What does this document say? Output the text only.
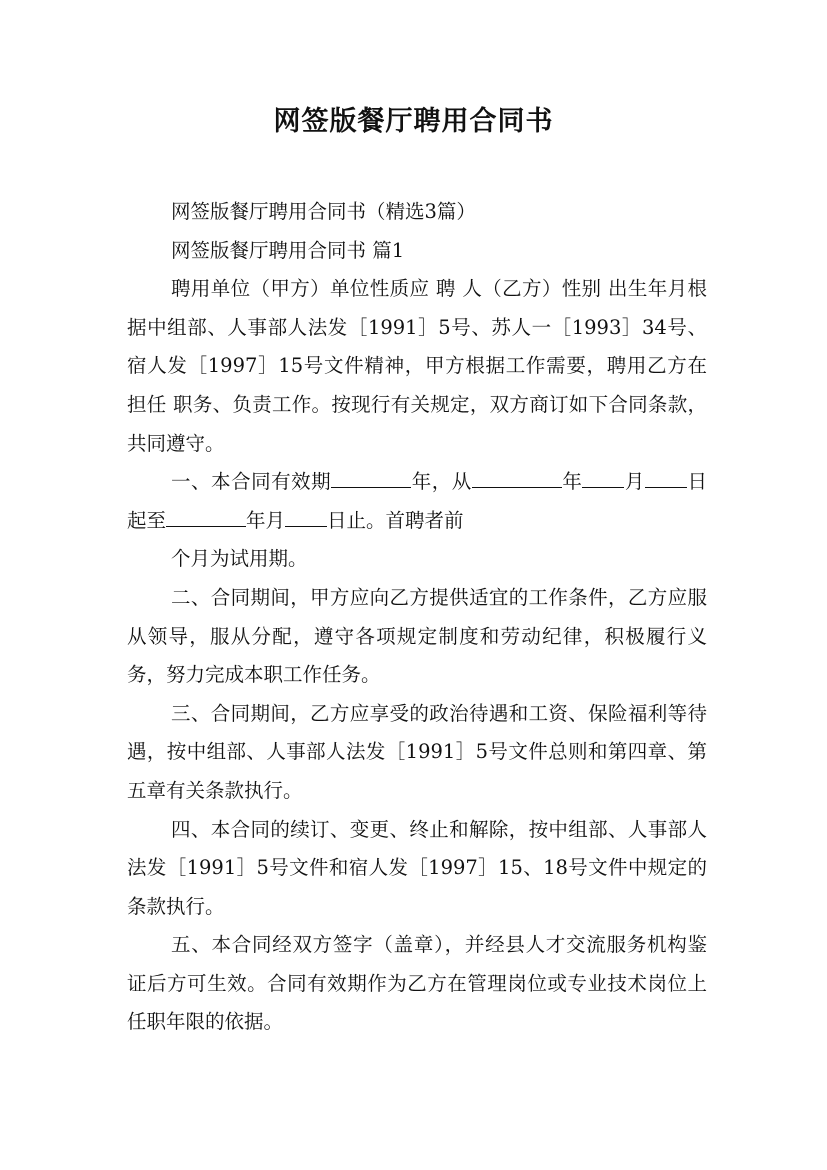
网签版餐厅聘用合同书

网签版餐厅聘用合同书（精选3篇）

网签版餐厅聘用合同书 篇1

聘用单位（甲方）单位性质应 聘 人（乙方）性别 出生年月根据中组部、人事部人法发［1991］5号、苏人一［1993］34号、宿人发［1997］15号文件精神，甲方根据工作需要，聘用乙方在 担任 职务、负责工作。按现行有关规定，双方商订如下合同条款，共同遵守。

一、本合同有效期	年，从	年 月 日起至	年月 日止。首聘者前

个月为试用期。

二、合同期间，甲方应向乙方提供适宜的工作条件，乙方应服从领导，服从分配，遵守各项规定制度和劳动纪律，积极履行义务，努力完成本职工作任务。

三、合同期间，乙方应享受的政治待遇和工资、保险福利等待遇，按中组部、人事部人法发［1991］5号文件总则和第四章、第五章有关条款执行。

四、本合同的续订、变更、终止和解除，按中组部、人事部人法发［1991］5号文件和宿人发［1997］15、18号文件中规定的条款执行。

五、本合同经双方签字（盖章），并经县人才交流服务机构鉴证后方可生效。合同有效期作为乙方在管理岗位或专业技术岗位上任职年限的依据。
